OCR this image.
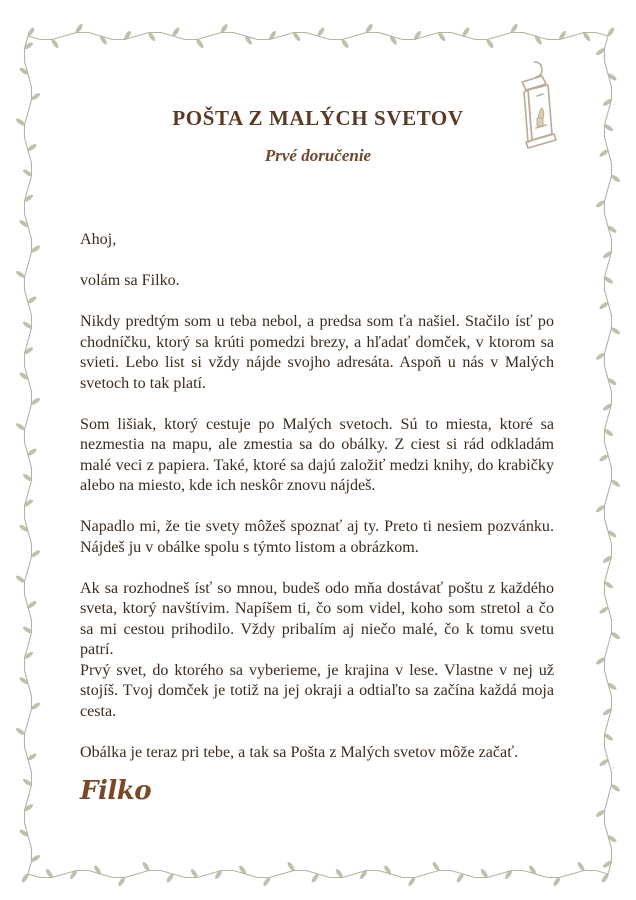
POŠTA Z MALÝCH SVETOV
Prvé doručenie

Ahoj,

volám sa Filko.

Nikdy predtým som u teba nebol, a predsa som ťa našiel. Stačilo ísť po chodníčku, ktorý sa krúti pomedzi brezy, a hľadať domček, v ktorom sa svieti. Lebo list si vždy nájde svojho adresáta. Aspoň u nás v Malých svetoch to tak platí.

Som lišiak, ktorý cestuje po Malých svetoch. Sú to miesta, ktoré sa nezmestia na mapu, ale zmestia sa do obálky. Z ciest si rád odkladám malé veci z papiera. Také, ktoré sa dajú založiť medzi knihy, do krabičky alebo na miesto, kde ich neskôr znovu nájdeš.

Napadlo mi, že tie svety môžeš spoznať aj ty. Preto ti nesiem pozvánku. Nájdeš ju v obálke spolu s týmto listom a obrázkom.

Ak sa rozhodneš ísť so mnou, budeš odo mňa dostávať poštu z každého sveta, ktorý navštívim. Napíšem ti, čo som videl, koho som stretol a čo sa mi cestou prihodilo. Vždy pribalím aj niečo malé, čo k tomu svetu patrí.

Prvý svet, do ktorého sa vyberieme, je krajina v lese. Vlastne v nej už stojíš. Tvoj domček je totiž na jej okraji a odtiaľto sa začína každá moja cesta.

Obálka je teraz pri tebe, a tak sa Pošta z Malých svetov môže začať.

Filko
